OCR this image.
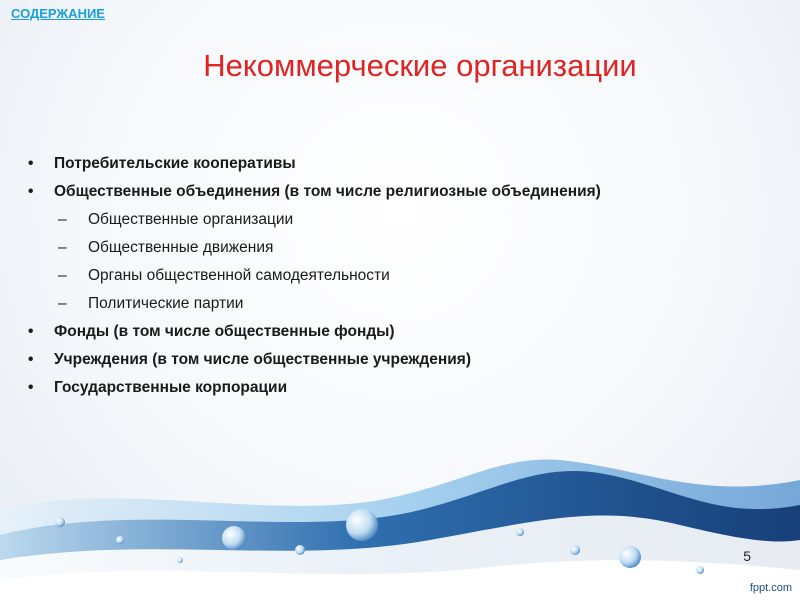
СОДЕРЖАНИЕ
Некоммерческие организации
• Потребительские кооперативы
• Общественные объединения (в том числе религиозные объединения)
– Общественные организации
– Общественные движения
– Органы общественной самодеятельности
– Политические партии
• Фонды (в том числе общественные фонды)
• Учреждения (в том числе общественные учреждения)
• Государственные корпорации
5
fppt.com
